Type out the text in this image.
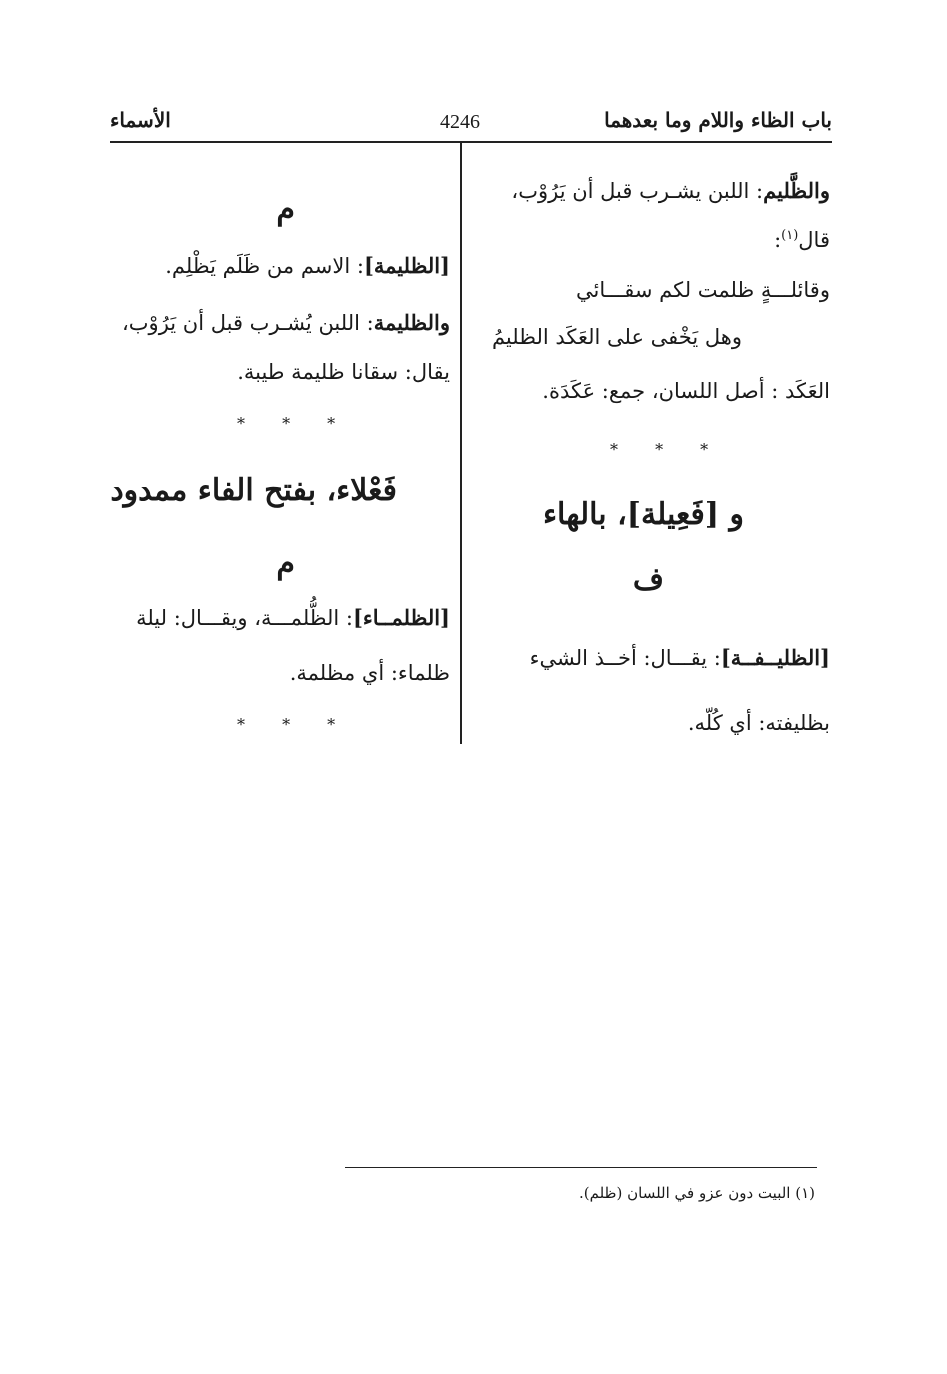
باب الظاء واللام وما بعدهما
4246
الأسماء
والظَّليم: اللبن يشـرب قبل أن يَرُوْب،
قال$^{(١)}$:
وقائلـــةٍ ظلمت لكم سقـــائي
وهل يَخْفى على العَكَد الظليمُ
العَكَد : أصل اللسان، جمع: عَكَدَة.
* * *
و [فَعِيلة]، بالهاء
ف
[الظليــفــة]: يقـــال: أخــذ الشيء
بظليفته: أي كُلّه.
م
[الظليمة]: الاسم من ظَلَم يَظْلِم.
والظليمة: اللبن يُشـرب قبل أن يَرُوْب،
يقال: سقانا ظليمة طيبة.
* * *
فَعْلاء، بفتح الفاء ممدود
م
[الظلمــاء]: الظُّلمـــة، ويقـــال: ليلة
ظلماء: أي مظلمة.
* * *
(١) البيت دون عزو في اللسان (ظلم).
